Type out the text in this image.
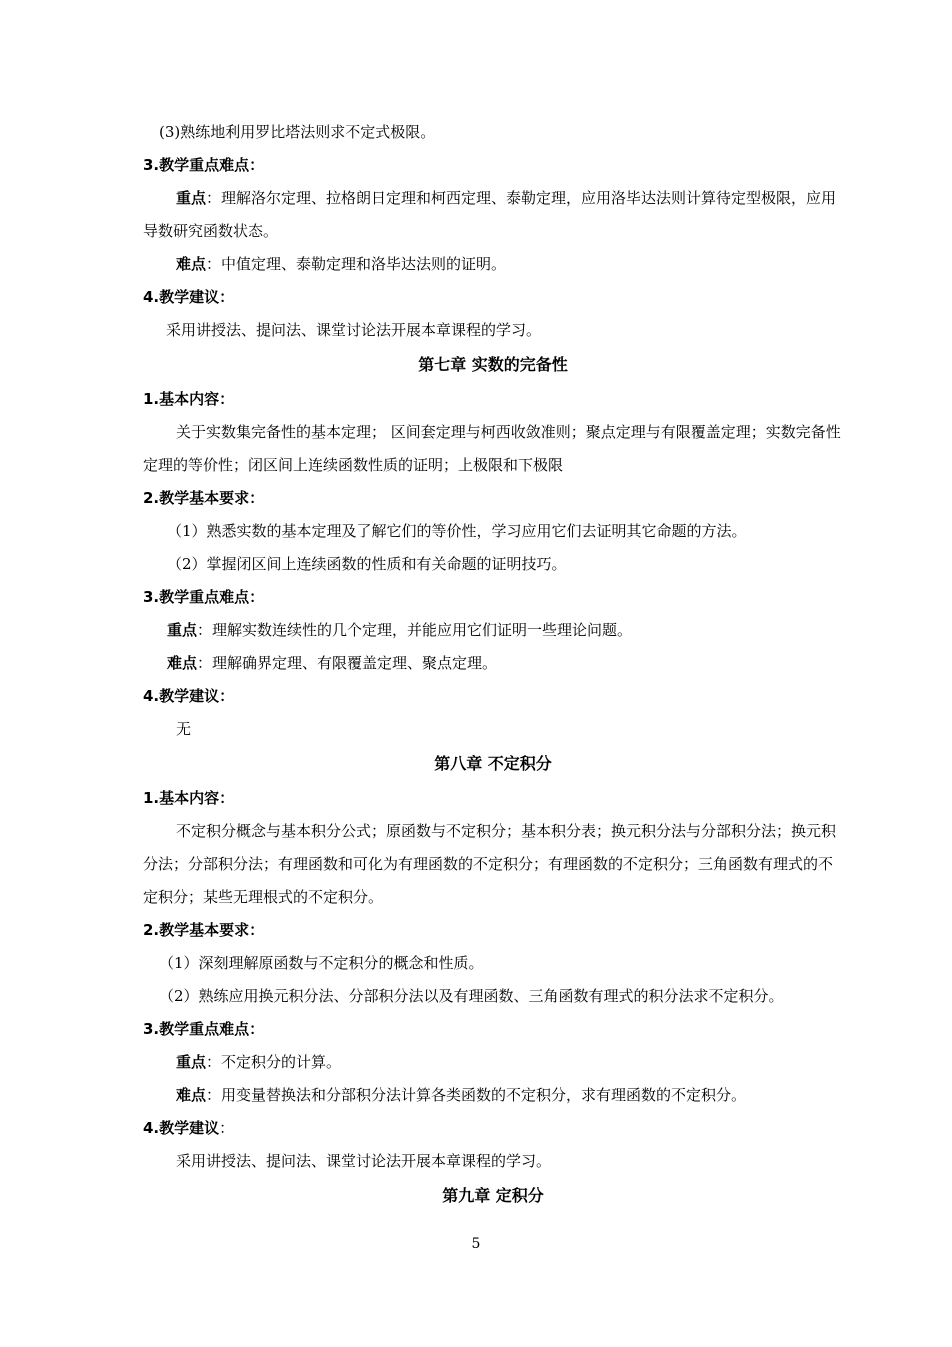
(3)熟练地利用罗比塔法则求不定式极限。

3.教学重点难点：

重点：理解洛尔定理、拉格朗日定理和柯西定理、泰勒定理，应用洛毕达法则计算待定型极限，应用导数研究函数状态。

难点：中值定理、泰勒定理和洛毕达法则的证明。

4.教学建议：

采用讲授法、提问法、课堂讨论法开展本章课程的学习。

第七章 实数的完备性

1.基本内容：

关于实数集完备性的基本定理； 区间套定理与柯西收敛准则；聚点定理与有限覆盖定理；实数完备性定理的等价性；闭区间上连续函数性质的证明；上极限和下极限

2.教学基本要求：

（1）熟悉实数的基本定理及了解它们的等价性，学习应用它们去证明其它命题的方法。

（2）掌握闭区间上连续函数的性质和有关命题的证明技巧。

3.教学重点难点：

重点：理解实数连续性的几个定理，并能应用它们证明一些理论问题。

难点：理解确界定理、有限覆盖定理、聚点定理。

4.教学建议：

无

第八章 不定积分

1.基本内容：

不定积分概念与基本积分公式；原函数与不定积分；基本积分表；换元积分法与分部积分法；换元积分法；分部积分法；有理函数和可化为有理函数的不定积分；有理函数的不定积分；三角函数有理式的不定积分；某些无理根式的不定积分。

2.教学基本要求：

（1）深刻理解原函数与不定积分的概念和性质。

（2）熟练应用换元积分法、分部积分法以及有理函数、三角函数有理式的积分法求不定积分。

3.教学重点难点：

重点：不定积分的计算。

难点：用变量替换法和分部积分法计算各类函数的不定积分，求有理函数的不定积分。

4.教学建议：

采用讲授法、提问法、课堂讨论法开展本章课程的学习。

第九章 定积分

5
